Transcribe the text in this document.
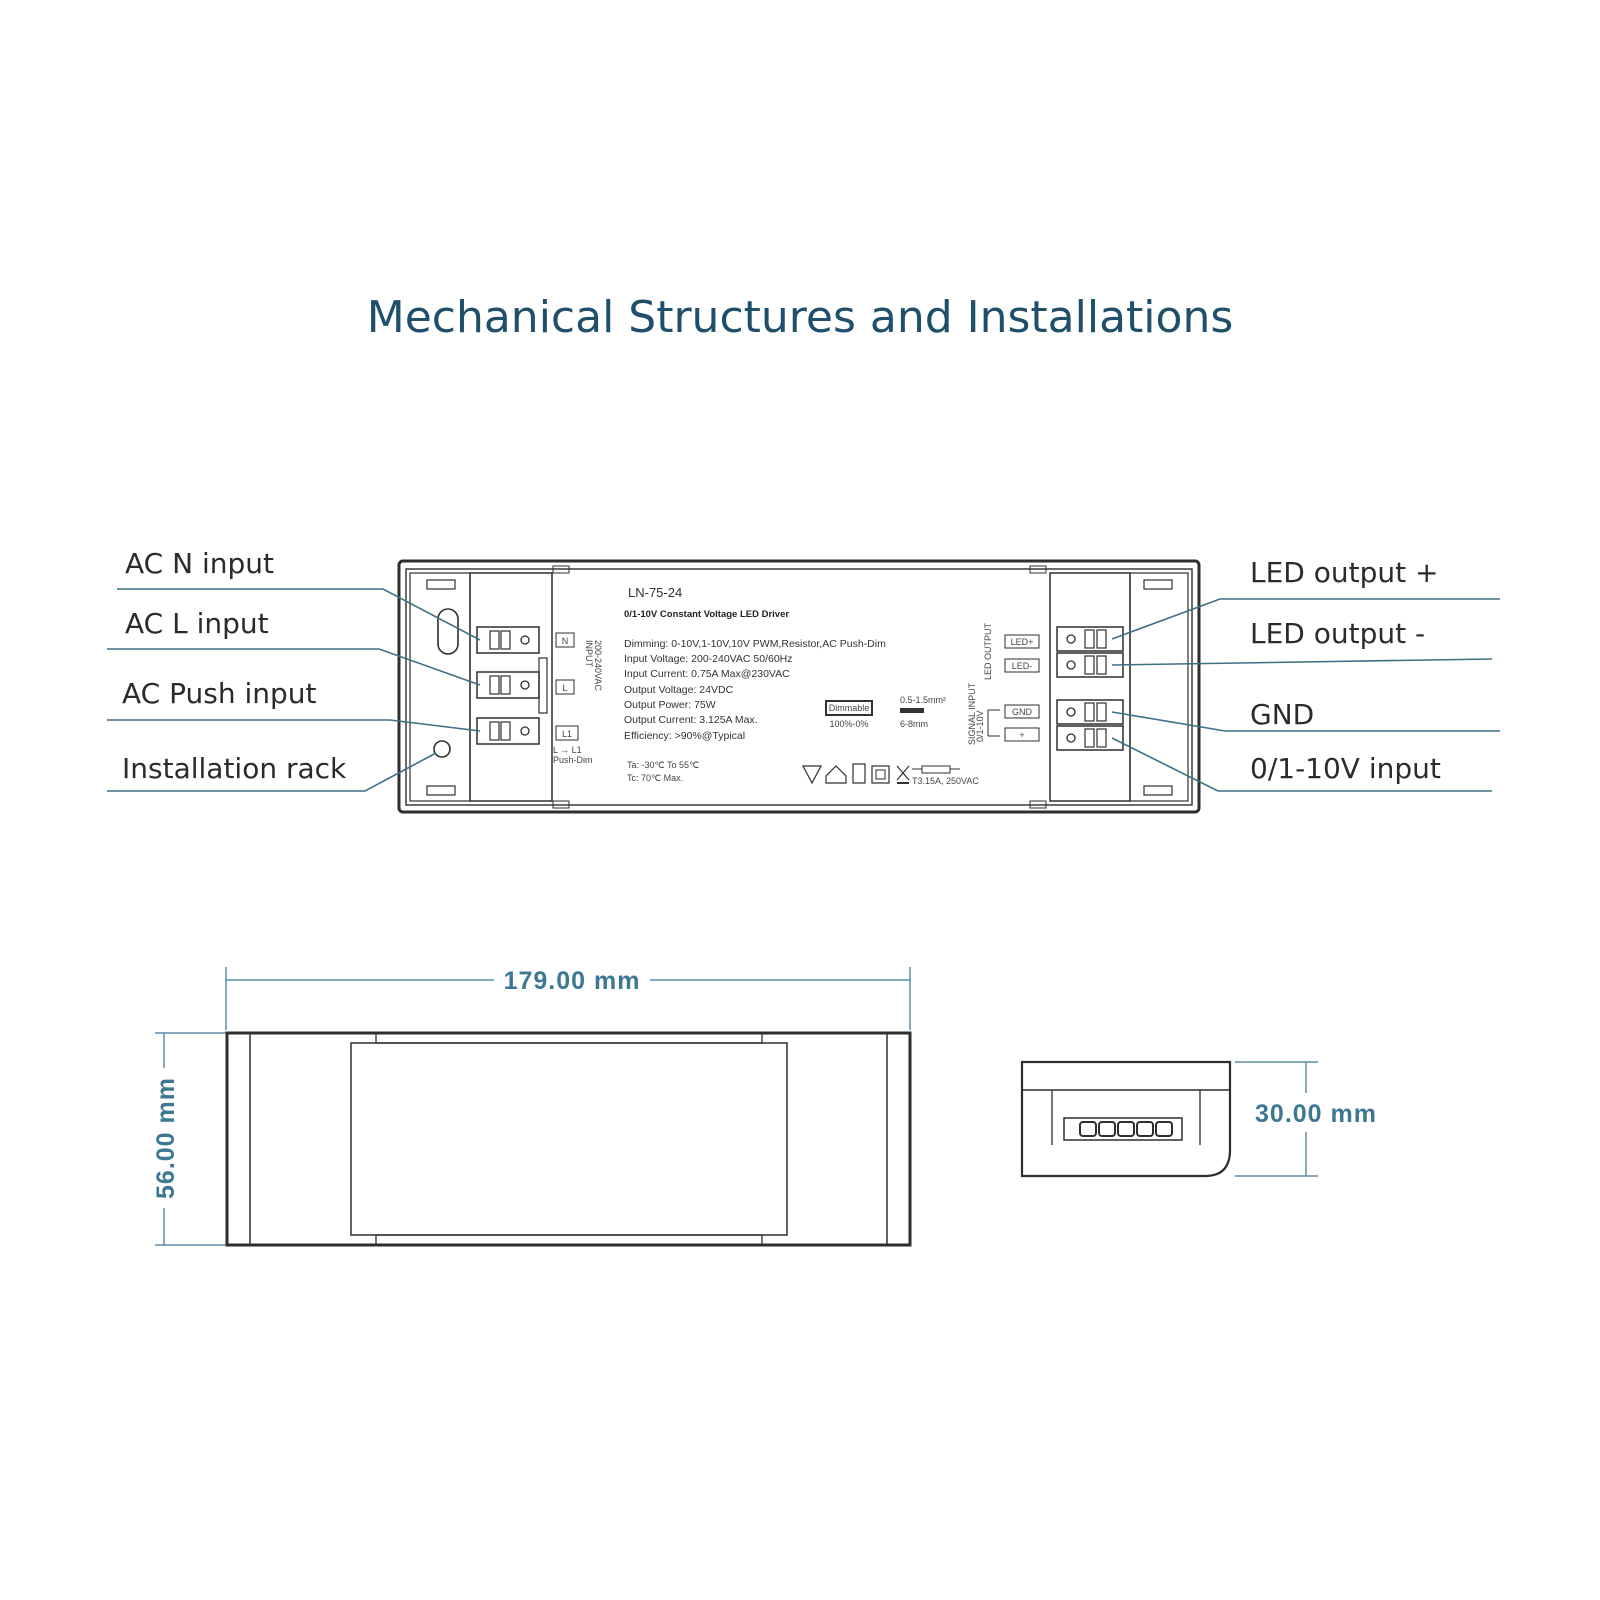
Mechanical Structures and Installations
N
L
L1
L → L1
Push-Dim
INPUT 200-240VAC
LN-75-24
0/1-10V Constant Voltage LED Driver
Dimming: 0-10V,1-10V,10V PWM,Resistor,AC Push-Dim
Input Voltage: 200-240VAC 50/60Hz
Input Current: 0.75A Max@230VAC
Output Voltage: 24VDC
Output Power: 75W
Output Current: 3.125A Max.
Efficiency: >90%@Typical
Ta: -30℃ To 55℃
Tc: 70℃ Max.
Dimmable
100%-0%
0.5-1.5mm²
6-8mm
T3.15A, 250VAC
LED OUTPUT LED+
LED-
GND
+
SIGNAL INPUT
0/1-10V
AC N input
AC L input
AC Push input
Installation rack
LED output +
LED output -
GND
0/1-10V input
179.00 mm
56.00 mm	30.00 mm
